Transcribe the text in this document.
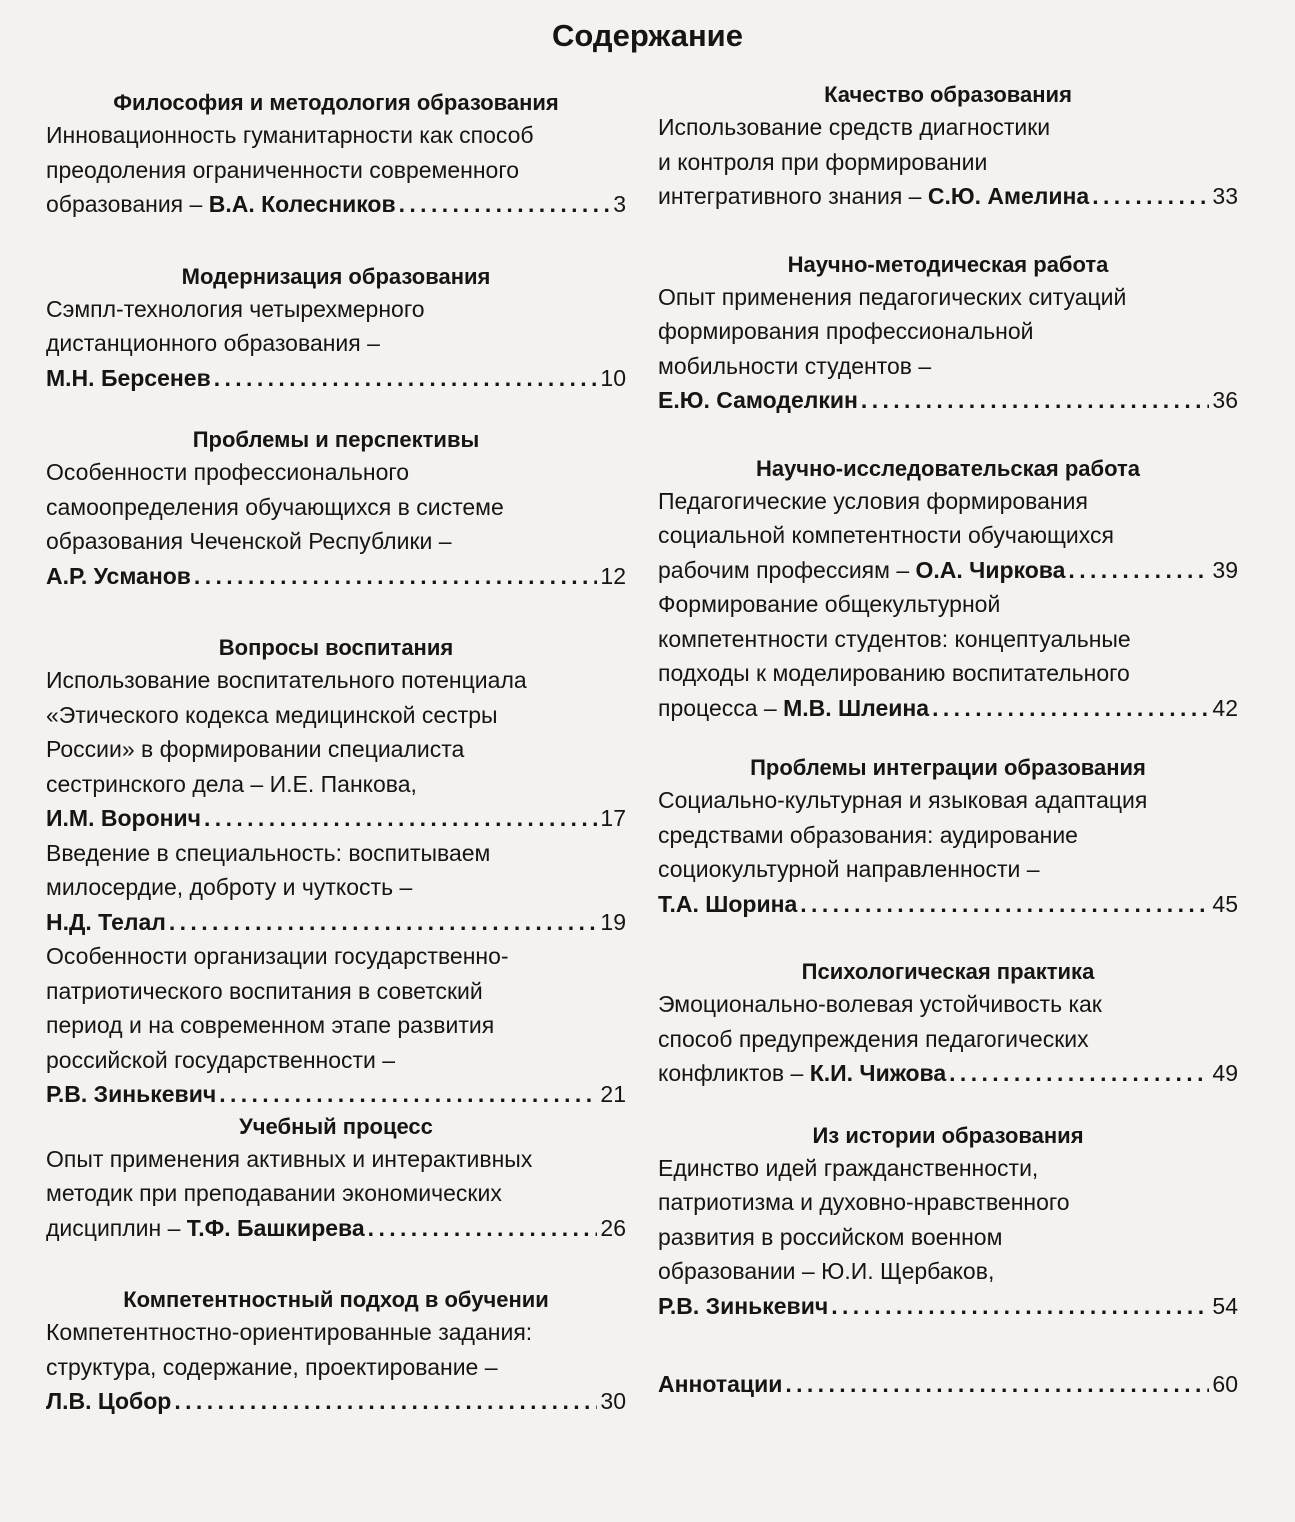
Содержание
Философия и методология образования
Инновационность гуманитарности как способ
преодоления ограниченности современного
образования – В.А. Колесников . . .	3
Модернизация образования
Сэмпл-технология четырехмерного
дистанционного образования –
М.Н. Берсенев . . .	10
Проблемы и перспективы
Особенности профессионального
самоопределения обучающихся в системе
образования Чеченской Республики –
А.Р. Усманов . . .	12
Вопросы воспитания
Использование воспитательного потенциала
«Этического кодекса медицинской сестры
России» в формировании специалиста
сестринского дела – И.Е. Панкова,
И.М. Воронич . . .	17
Введение в специальность: воспитываем
милосердие, доброту и чуткость –
Н.Д. Телал . . .	19
Особенности организации государственно-
патриотического воспитания в советский
период и на современном этапе развития
российской государственности –
Р.В. Зинькевич . . .	21
Учебный процесс
Опыт применения активных и интерактивных
методик при преподавании экономических
дисциплин – Т.Ф. Башкирева . . .	26
Компетентностный подход в обучении
Компетентностно-ориентированные задания:
структура, содержание, проектирование –
Л.В. Цобор . . .	30
Качество образования
Использование средств диагностики
и контроля при формировании
интегративного знания – С.Ю. Амелина . . .	33
Научно-методическая работа
Опыт применения педагогических ситуаций
формирования профессиональной
мобильности студентов –
Е.Ю. Самоделкин . . .	36
Научно-исследовательская работа
Педагогические условия формирования
социальной компетентности обучающихся
рабочим профессиям – О.А. Чиркова . . .	39
Формирование общекультурной
компетентности студентов: концептуальные
подходы к моделированию воспитательного
процесса – М.В. Шлеина . . .	42
Проблемы интеграции образования
Социально-культурная и языковая адаптация
средствами образования: аудирование
социокультурной направленности –
Т.А. Шорина . . .	45
Психологическая практика
Эмоционально-волевая устойчивость как
способ предупреждения педагогических
конфликтов – К.И. Чижова . . .	49
Из истории образования
Единство идей гражданственности,
патриотизма и духовно-нравственного
развития в российском военном
образовании – Ю.И. Щербаков,
Р.В. Зинькевич . . .	54
Аннотации . . .	60
